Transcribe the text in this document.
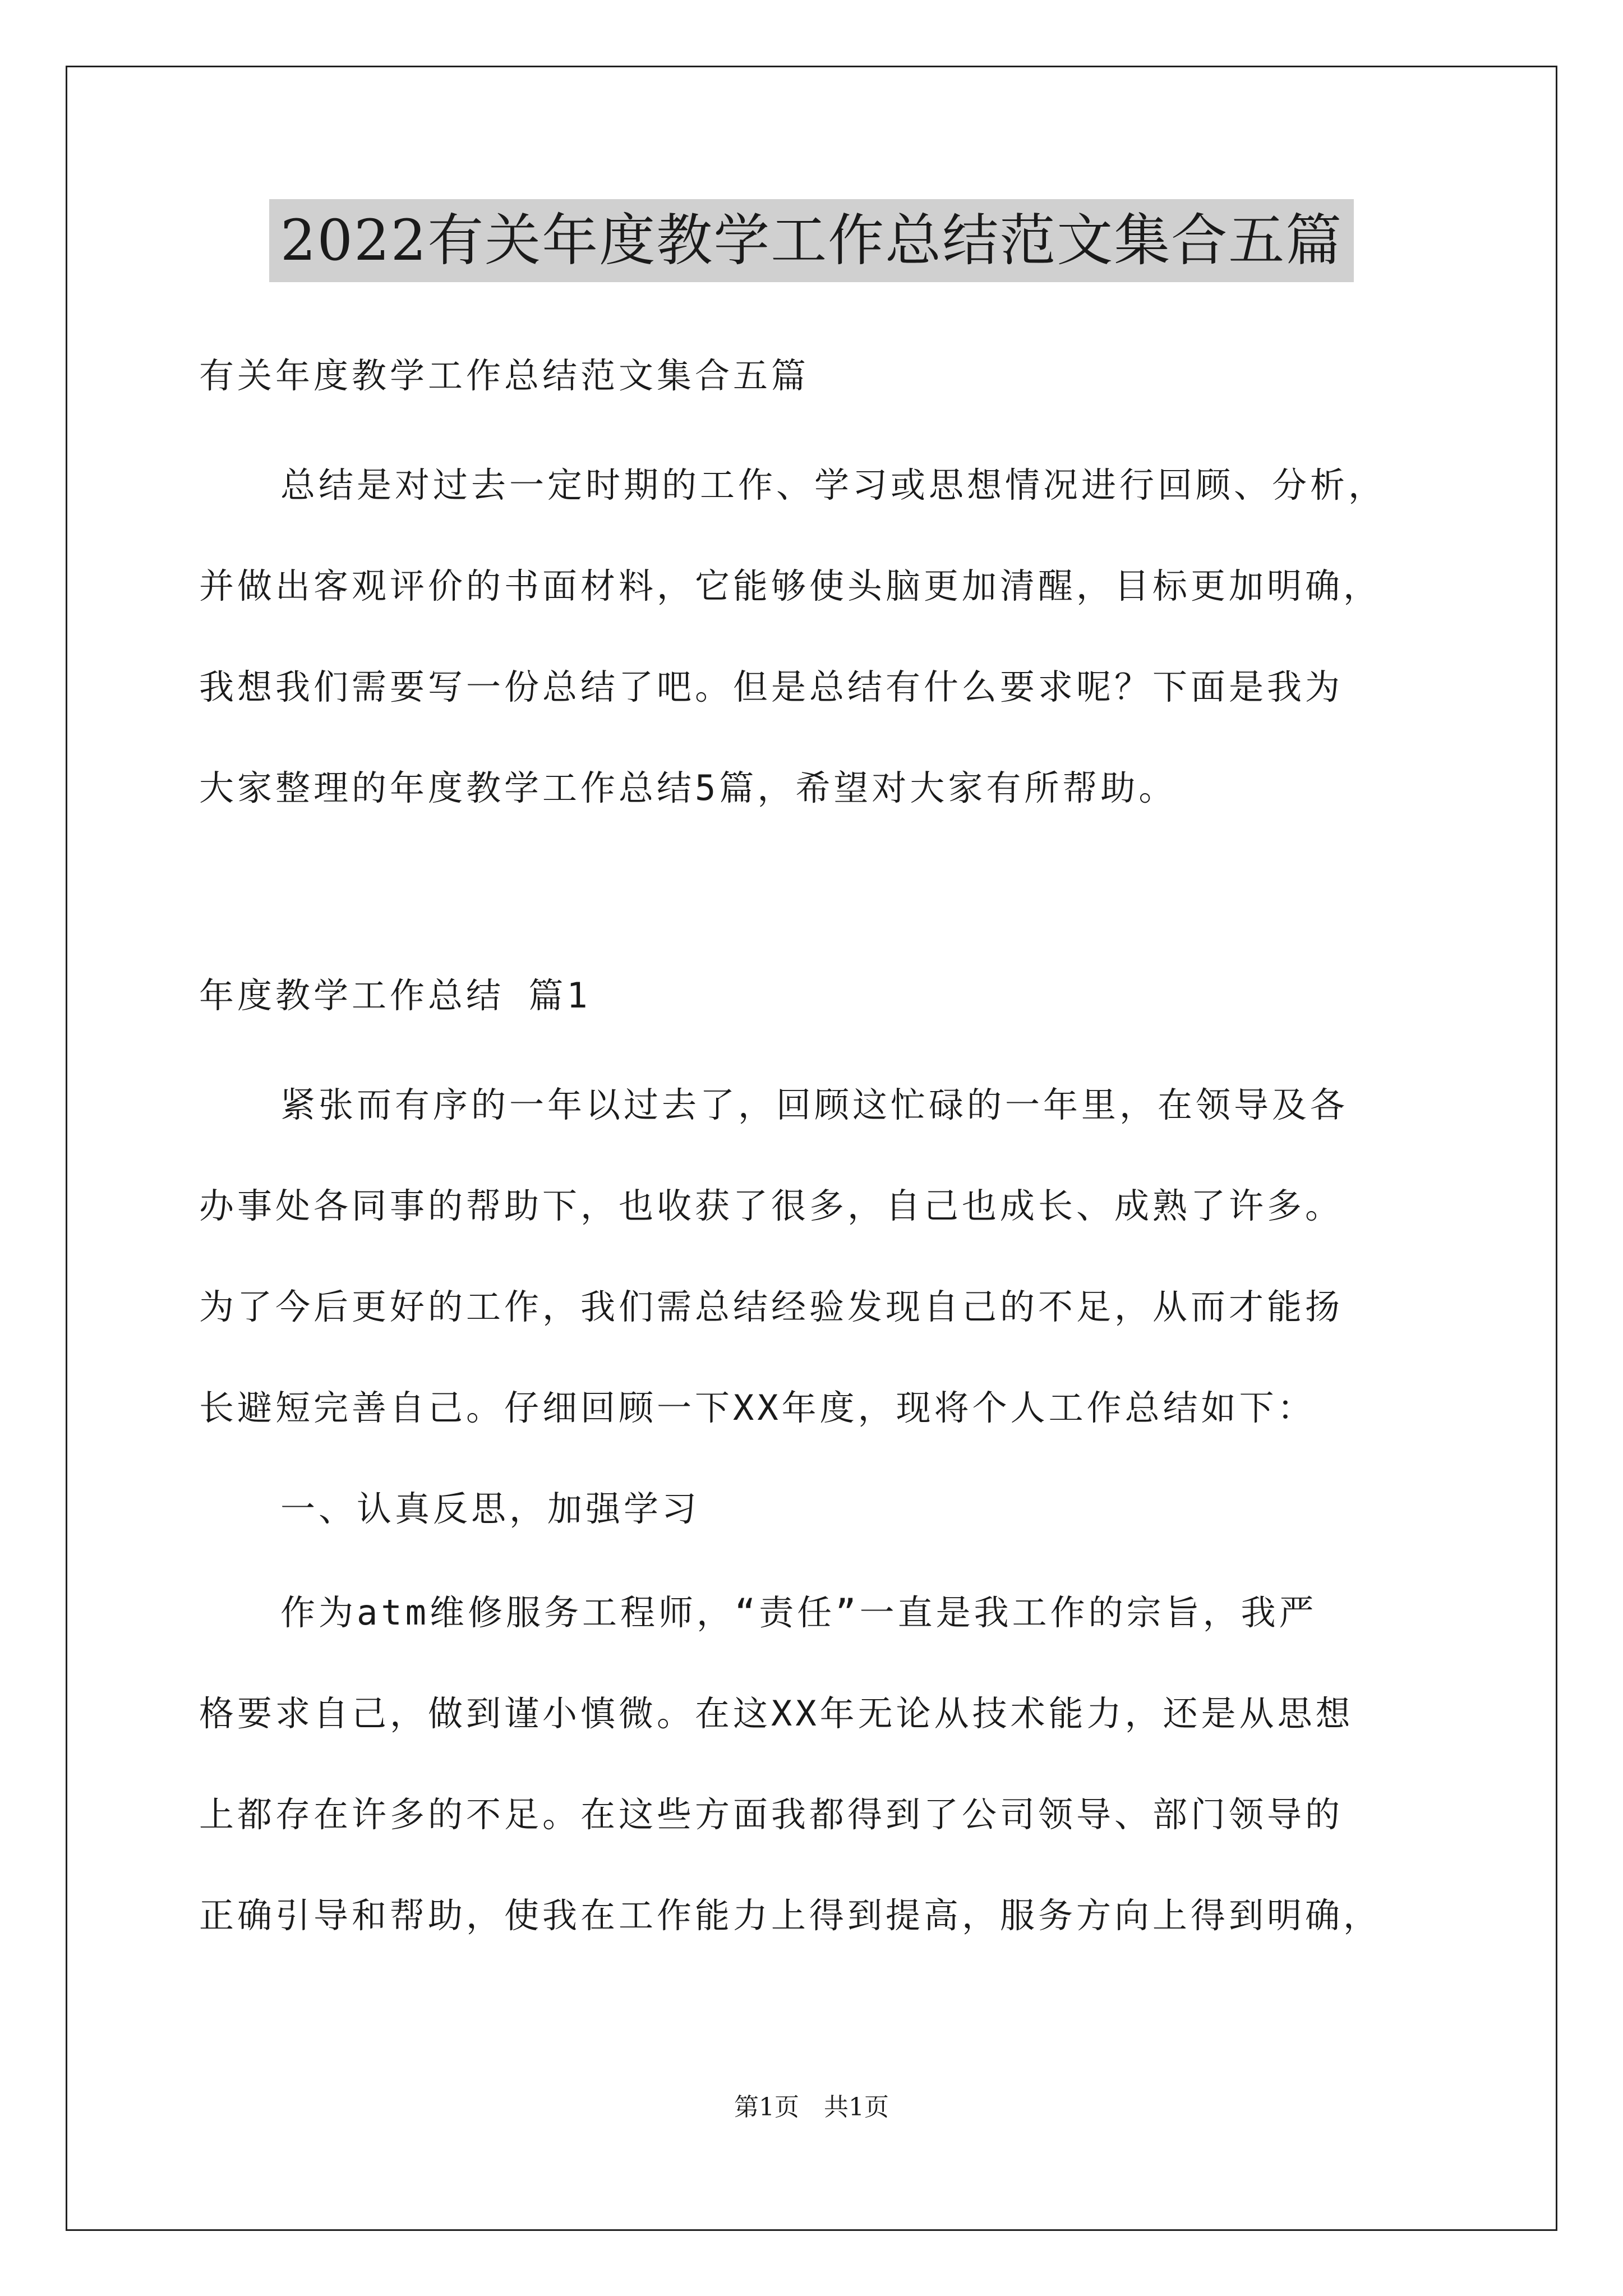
2022有关年度教学工作总结范文集合五篇
有关年度教学工作总结范文集合五篇
总结是对过去一定时期的工作、学习或思想情况进行回顾、分析，
并做出客观评价的书面材料，它能够使头脑更加清醒，目标更加明确，
我想我们需要写一份总结了吧。但是总结有什么要求呢？下面是我为
大家整理的年度教学工作总结5篇，希望对大家有所帮助。
年度教学工作总结 篇1
紧张而有序的一年以过去了，回顾这忙碌的一年里，在领导及各
办事处各同事的帮助下，也收获了很多，自己也成长、成熟了许多。
为了今后更好的工作，我们需总结经验发现自己的不足，从而才能扬
长避短完善自己。仔细回顾一下XX年度，现将个人工作总结如下：
一、认真反思，加强学习
作为atm维修服务工程师，“责任”一直是我工作的宗旨，我严
格要求自己，做到谨小慎微。在这XX年无论从技术能力，还是从思想
上都存在许多的不足。在这些方面我都得到了公司领导、部门领导的
正确引导和帮助，使我在工作能力上得到提高，服务方向上得到明确，
第1页　共1页
